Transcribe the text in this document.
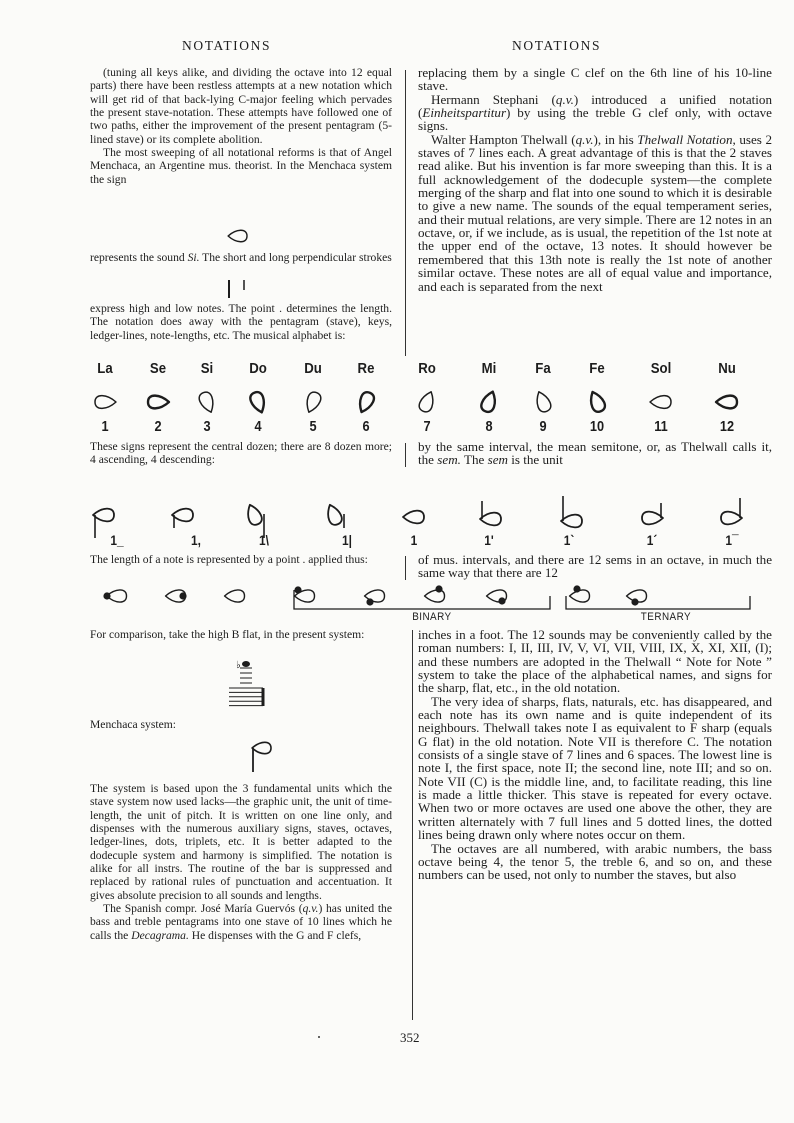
NOTATIONS	NOTATIONS

(tuning all keys alike, and dividing the octave into 12 equal parts) there have been restless attempts at a new notation which will get rid of that back-lying C-major feeling which pervades the present stave-notation. These attempts have followed one of two paths, either the improvement of the present pentagram (5-lined stave) or its complete abolition.

The most sweeping of all notational reforms is that of Angel Menchaca, an Argentine mus. theorist. In the Menchaca system the sign

represents the sound Si. The short and long perpendicular strokes

express high and low notes. The point . determines the length. The notation does away with the pentagram (stave), keys, ledger-lines, note-lengths, etc. The musical alphabet is:

replacing them by a single C clef on the 6th line of his 10-line stave.

Hermann Stephani (q.v.) introduced a unified notation (Einheitspartitur) by using the treble G clef only, with octave signs.

Walter Hampton Thelwall (q.v.), in his Thelwall Notation, uses 2 staves of 7 lines each. A great advantage of this is that the 2 staves read alike. But his invention is far more sweeping than this. It is a full acknowledgement of the dodecuple system—the complete merging of the sharp and flat into one sound to which it is desirable to give a new name. The sounds of the equal temperament series, and their mutual relations, are very simple. There are 12 notes in an octave, or, if we include, as is usual, the repetition of the 1st note at the upper end of the octave, 13 notes. It should however be remembered that this 13th note is really the 1st note of another similar octave. These notes are all of equal value and importance, and each is separated from the next

La	Se	Si	Do	Du	Re	Ro	Mi	Fa	Fe	Sol	Nu
1	2	3	4	5	6	7	8	9	10	11	12

These signs represent the central dozen; there are 8 dozen more; 4 ascending, 4 descending:

by the same interval, the mean semitone, or, as Thelwall calls it, the sem. The sem is the unit

1_	1,	1\	1|	1	1'	1`	1´	1¯

The length of a note is represented by a point . applied thus:	of mus. intervals, and there are 12 sems in an octave, in much the same way that there are 12

BINARY	TERNARY

For comparison, take the high B flat, in the present system:

Menchaca system:

The system is based upon the 3 fundamental units which the stave system now used lacks—the graphic unit, the unit of time-length, the unit of pitch. It is written on one line only, and dispenses with the numerous auxiliary signs, staves, octaves, ledger-lines, dots, triplets, etc. It is better adapted to the dodecuple system and harmony is simplified. The notation is alike for all instrs. The routine of the bar is suppressed and replaced by rational rules of punctuation and accentuation. It gives absolute precision to all sounds and lengths.

The Spanish compr. José María Guervós (q.v.) has united the bass and treble pentagrams into one stave of 10 lines which he calls the Decagrama. He dispenses with the G and F clefs,

inches in a foot. The 12 sounds may be conveniently called by the roman numbers: I, II, III, IV, V, VI, VII, VIII, IX, X, XI, XII, (I); and these numbers are adopted in the Thelwall “ Note for Note ” system to take the place of the alphabetical names, and signs for the sharp, flat, etc., in the old notation.

The very idea of sharps, flats, naturals, etc. has disappeared, and each note has its own name and is quite independent of its neighbours. Thelwall takes note I as equivalent to F sharp (equals G flat) in the old notation. Note VII is therefore C. The notation consists of a single stave of 7 lines and 6 spaces. The lowest line is note I, the first space, note II; the second line, note III; and so on. Note VII (C) is the middle line, and, to facilitate reading, this line is made a little thicker. This stave is repeated for every octave. When two or more octaves are used one above the other, they are written alternately with 7 full lines and 5 dotted lines, the dotted lines being drawn only where notes occur on them.

The octaves are all numbered, with arabic numbers, the bass octave being 4, the tenor 5, the treble 6, and so on, and these numbers can be used, not only to number the staves, but also

352
♭
